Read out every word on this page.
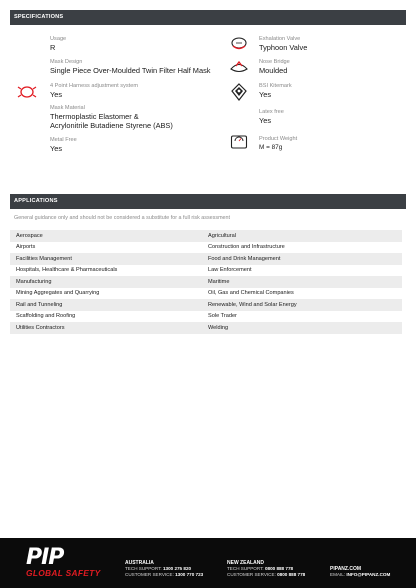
SPECIFICATIONS
Usage
R
Mask Design
Single Piece Over-Moulded Twin Filter Half Mask
4 Point Harness adjustment system
Yes
Mask Material
Thermoplastic Elastomer &
Acrylonitrile Butadiene Styrene (ABS)
Metal Free
Yes
Exhalation Valve
Typhoon Valve
Nose Bridge
Moulded
BSI Kitemark
Yes
Latex free
Yes
Product Weight
M = 87g
APPLICATIONS
General guidance only and should not be considered a substitute for a full risk assessment
Aerospace	Agricultural
Airports	Construction and Infrastructure
Facilities Management	Food and Drink Management
Hospitals, Healthcare & Pharmaceuticals	Law Enforcement
Manufacturing	Maritime
Mining Aggregates and Quarrying	Oil, Gas and Chemical Companies
Rail and Tunneling	Renewable, Wind and Solar Energy
Scaffolding and Roofing	Sole Trader
Utilities Contractors	Welding
PIP
GLOBAL SAFETY
AUSTRALIA
TECH SUPPORT: 1300 275 820
CUSTOMER SERVICE: 1300 770 723
NEW ZEALAND
TECH SUPPORT: 0800 888 778
CUSTOMER SERVICE: 0800 888 778
PIPANZ.COM
EMAIL: INFO@PIPANZ.COM
